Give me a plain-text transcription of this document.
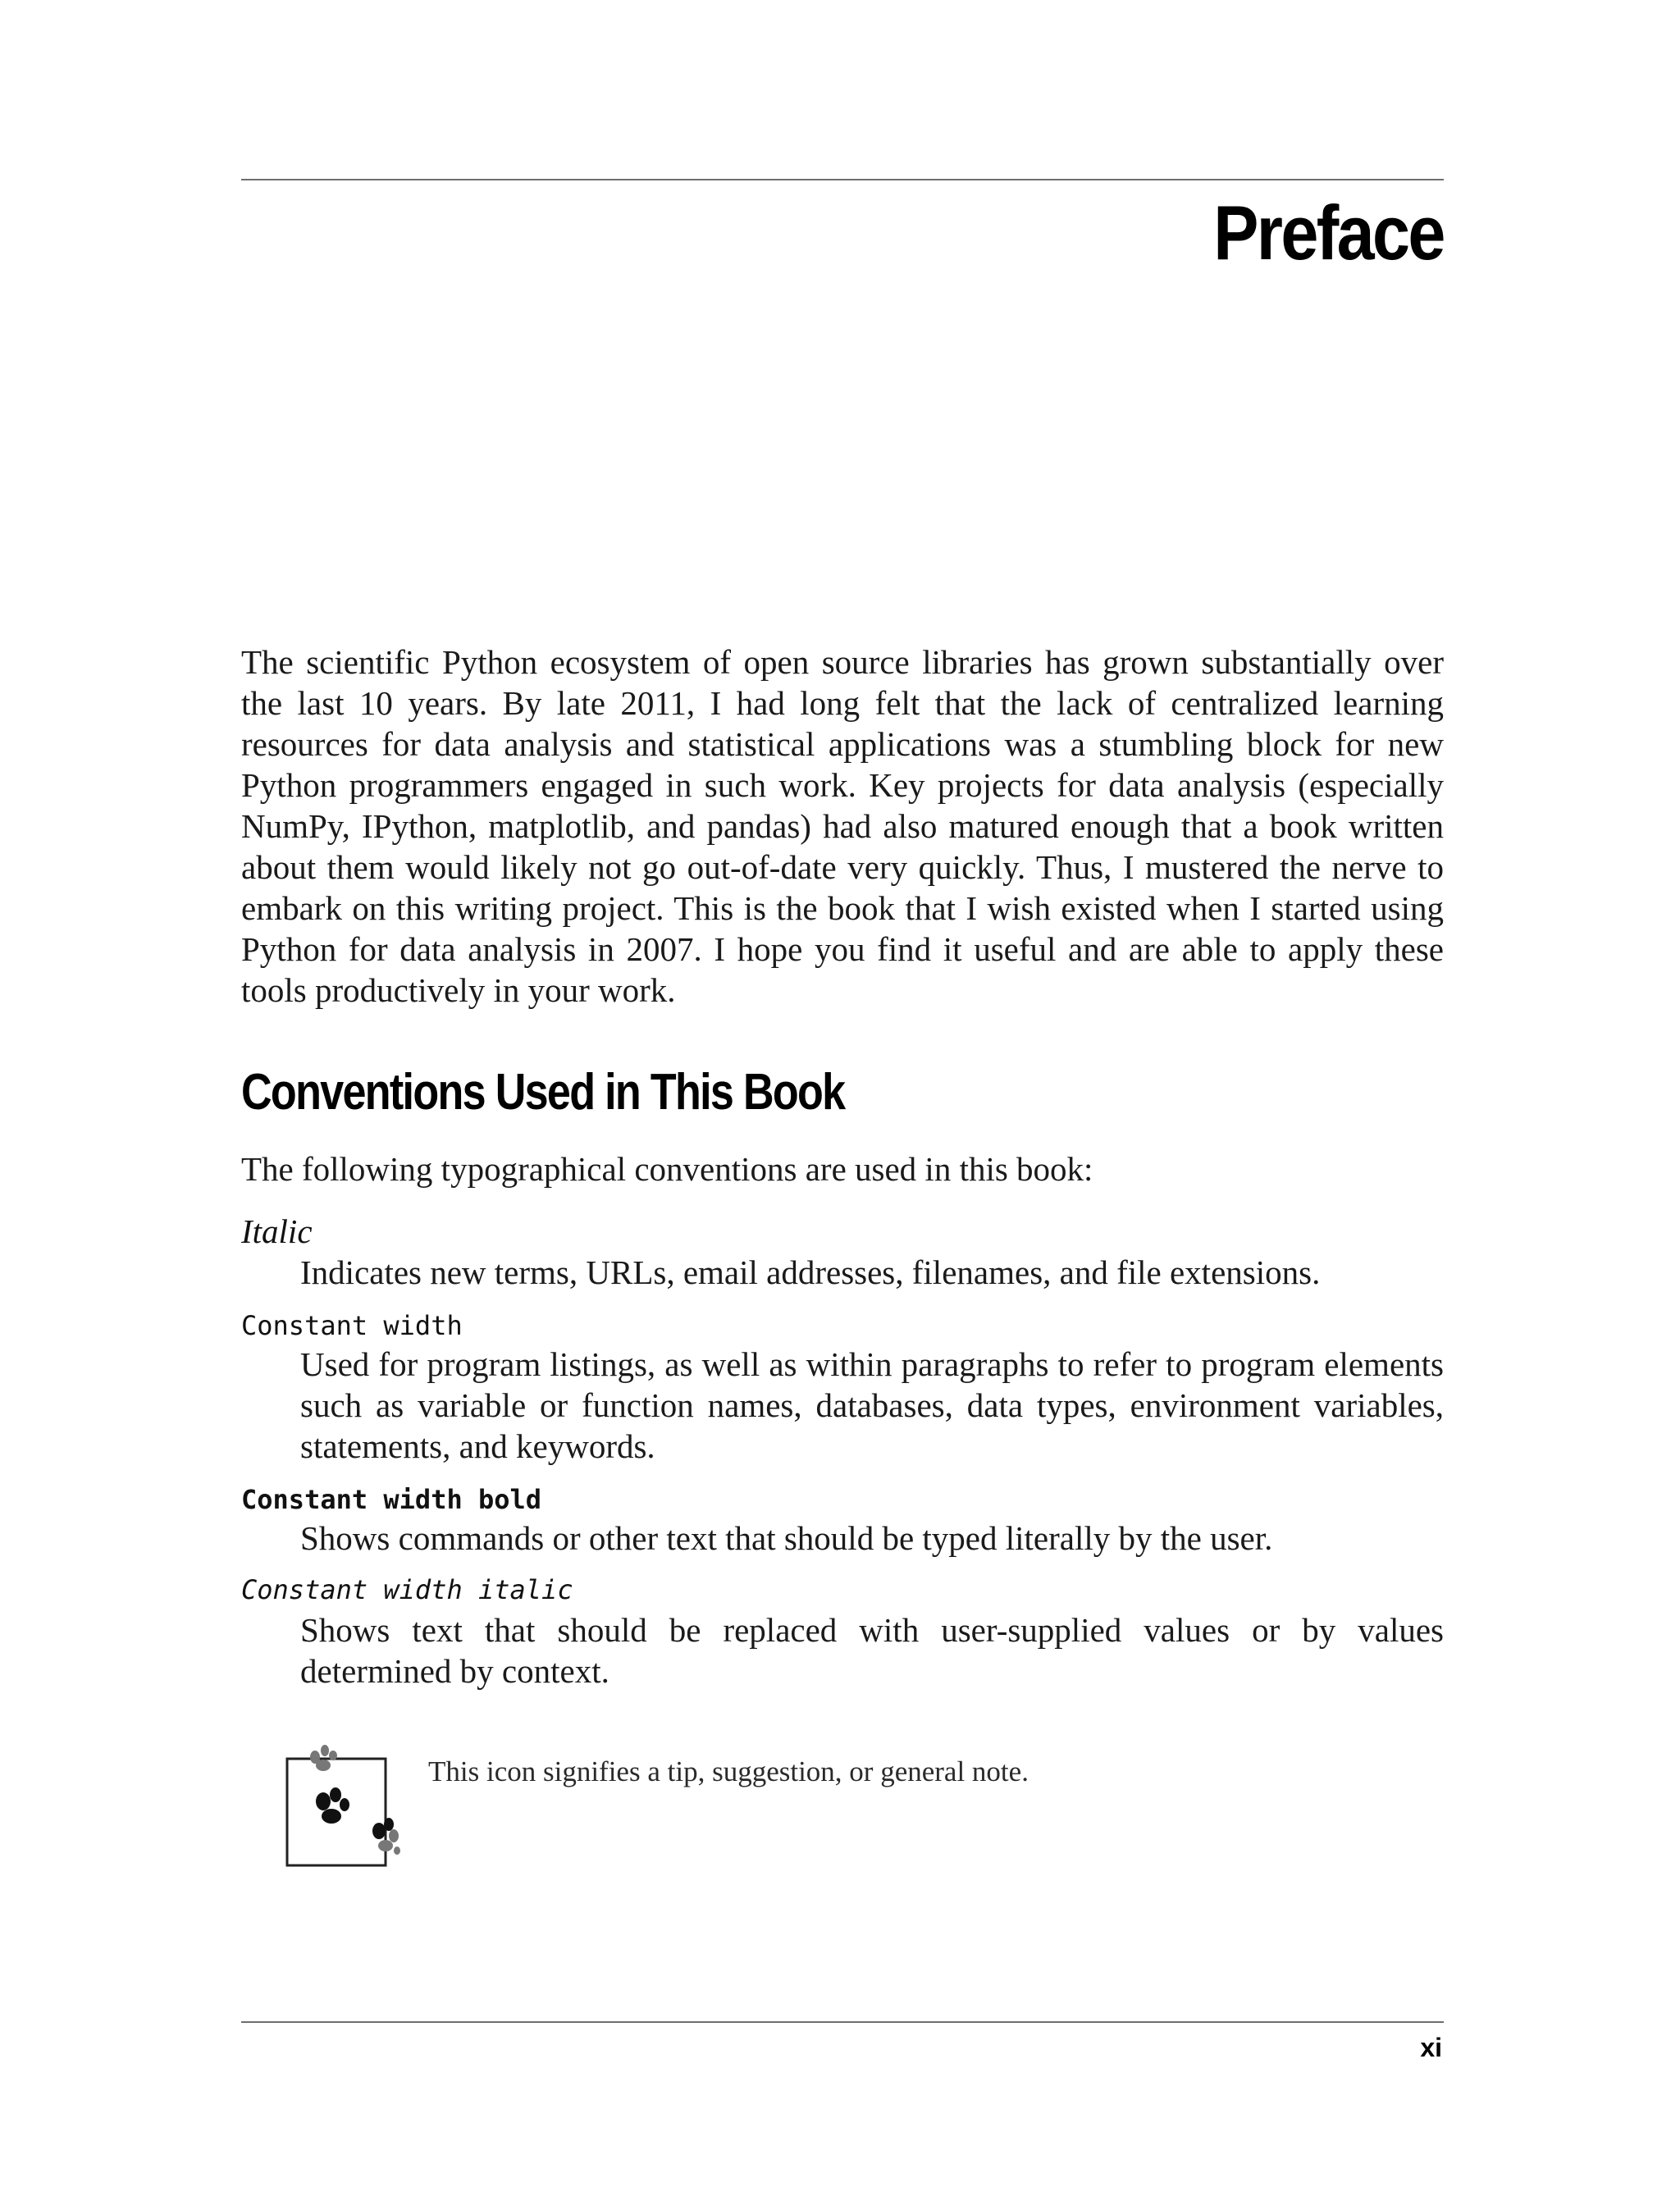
Preface

The scientific Python ecosystem of open source libraries has grown substantially over the last 10 years. By late 2011, I had long felt that the lack of centralized learning resources for data analysis and statistical applications was a stumbling block for new Python programmers engaged in such work. Key projects for data analysis (especially NumPy, IPython, matplotlib, and pandas) had also matured enough that a book written about them would likely not go out-of-date very quickly. Thus, I mustered the nerve to embark on this writing project. This is the book that I wish existed when I started using Python for data analysis in 2007. I hope you find it useful and are able to apply these tools productively in your work.

Conventions Used in This Book

The following typographical conventions are used in this book:

Italic

Indicates new terms, URLs, email addresses, filenames, and file extensions.

Constant width

Used for program listings, as well as within paragraphs to refer to program elements such as variable or function names, databases, data types, environment variables, statements, and keywords.

Constant width bold

Shows commands or other text that should be typed literally by the user.

Constant width italic

Shows text that should be replaced with user-supplied values or by values determined by context.

This icon signifies a tip, suggestion, or general note.

xi
